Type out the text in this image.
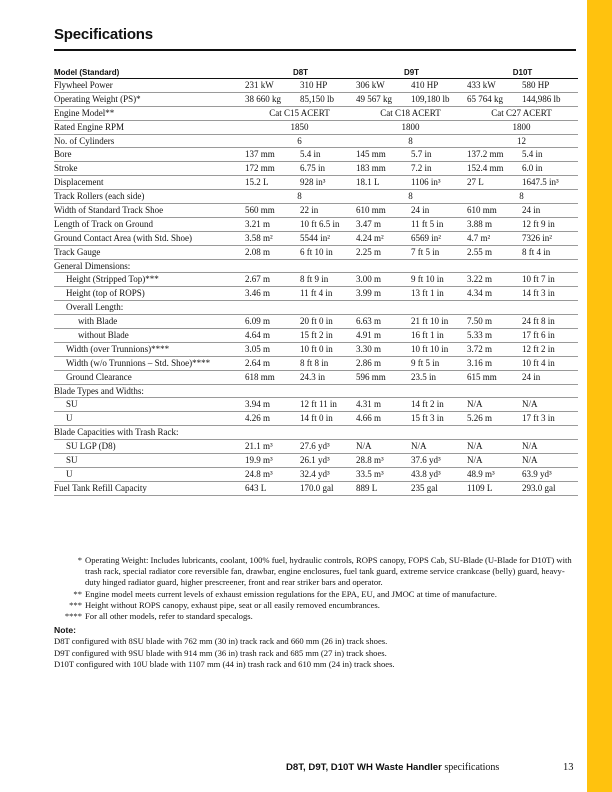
Specifications
Model (Standard)	D8T		D9T		D10T	
Flywheel Power	231 kW	310 HP	306 kW	410 HP	433 kW	580 HP
Operating Weight (PS)*	38 660 kg	85,150 lb	49 567 kg	109,180 lb	65 764 kg	144,986 lb
Engine Model**	Cat C15 ACERT		Cat C18 ACERT		Cat C27 ACERT	
Rated Engine RPM	1850		1800		1800	
No. of Cylinders	6		8		12	
Bore	137 mm	5.4 in	145 mm	5.7 in	137.2 mm	5.4 in
Stroke	172 mm	6.75 in	183 mm	7.2 in	152.4 mm	6.0 in
Displacement	15.2 L	928 in³	18.1 L	1106 in³	27 L	1647.5 in³
Track Rollers (each side)	8		8		8	
Width of Standard Track Shoe	560 mm	22 in	610 mm	24 in	610 mm	24 in
Length of Track on Ground	3.21 m	10 ft 6.5 in	3.47 m	11 ft 5 in	3.88 m	12 ft 9 in
Ground Contact Area (with Std. Shoe)	3.58 m²	5544 in²	4.24 m²	6569 in²	4.7 m²	7326 in²
Track Gauge	2.08 m	6 ft 10 in	2.25 m	7 ft 5 in	2.55 m	8 ft 4 in
General Dimensions:						
Height (Stripped Top)***	2.67 m	8 ft 9 in	3.00 m	9 ft 10 in	3.22 m	10 ft 7 in
Height (top of ROPS)	3.46 m	11 ft 4 in	3.99 m	13 ft 1 in	4.34 m	14 ft 3 in
Overall Length:						
with Blade	6.09 m	20 ft 0 in	6.63 m	21 ft 10 in	7.50 m	24 ft 8 in
without Blade	4.64 m	15 ft 2 in	4.91 m	16 ft 1 in	5.33 m	17 ft 6 in
Width (over Trunnions)****	3.05 m	10 ft 0 in	3.30 m	10 ft 10 in	3.72 m	12 ft 2 in
Width (w/o Trunnions – Std. Shoe)****	2.64 m	8 ft 8 in	2.86 m	9 ft 5 in	3.16 m	10 ft 4 in
Ground Clearance	618 mm	24.3 in	596 mm	23.5 in	615 mm	24 in
Blade Types and Widths:						
SU	3.94 m	12 ft 11 in	4.31 m	14 ft 2 in	N/A	N/A
U	4.26 m	14 ft 0 in	4.66 m	15 ft 3 in	5.26 m	17 ft 3 in
Blade Capacities with Trash Rack:						
SU LGP (D8)	21.1 m³	27.6 yd³	N/A	N/A	N/A	N/A
SU	19.9 m³	26.1 yd³	28.8 m³	37.6 yd³	N/A	N/A
U	24.8 m³	32.4 yd³	33.5 m³	43.8 yd³	48.9 m³	63.9 yd³
Fuel Tank Refill Capacity	643 L	170.0 gal	889 L	235 gal	1109 L	293.0 gal
* Operating Weight: Includes lubricants, coolant, 100% fuel, hydraulic controls, ROPS canopy, FOPS Cab, SU-Blade (U-Blade for D10T) with trash rack, special radiator core reversible fan, drawbar, engine enclosures, fuel tank guard, extreme service crankcase (belly) guard, heavy-duty hinged radiator guard, higher prescreener, front and rear striker bars and operator.
** Engine model meets current levels of exhaust emission regulations for the EPA, EU, and JMOC at time of manufacture.
*** Height without ROPS canopy, exhaust pipe, seat or all easily removed encumbrances.
**** For all other models, refer to standard specalogs.
Note:
D8T configured with 8SU blade with 762 mm (30 in) track rack and 660 mm (26 in) track shoes.
D9T configured with 9SU blade with 914 mm (36 in) trash rack and 685 mm (27 in) track shoes.
D10T configured with 10U blade with 1107 mm (44 in) trash rack and 610 mm (24 in) track shoes.
D8T, D9T, D10T WH Waste Handler specifications	13
